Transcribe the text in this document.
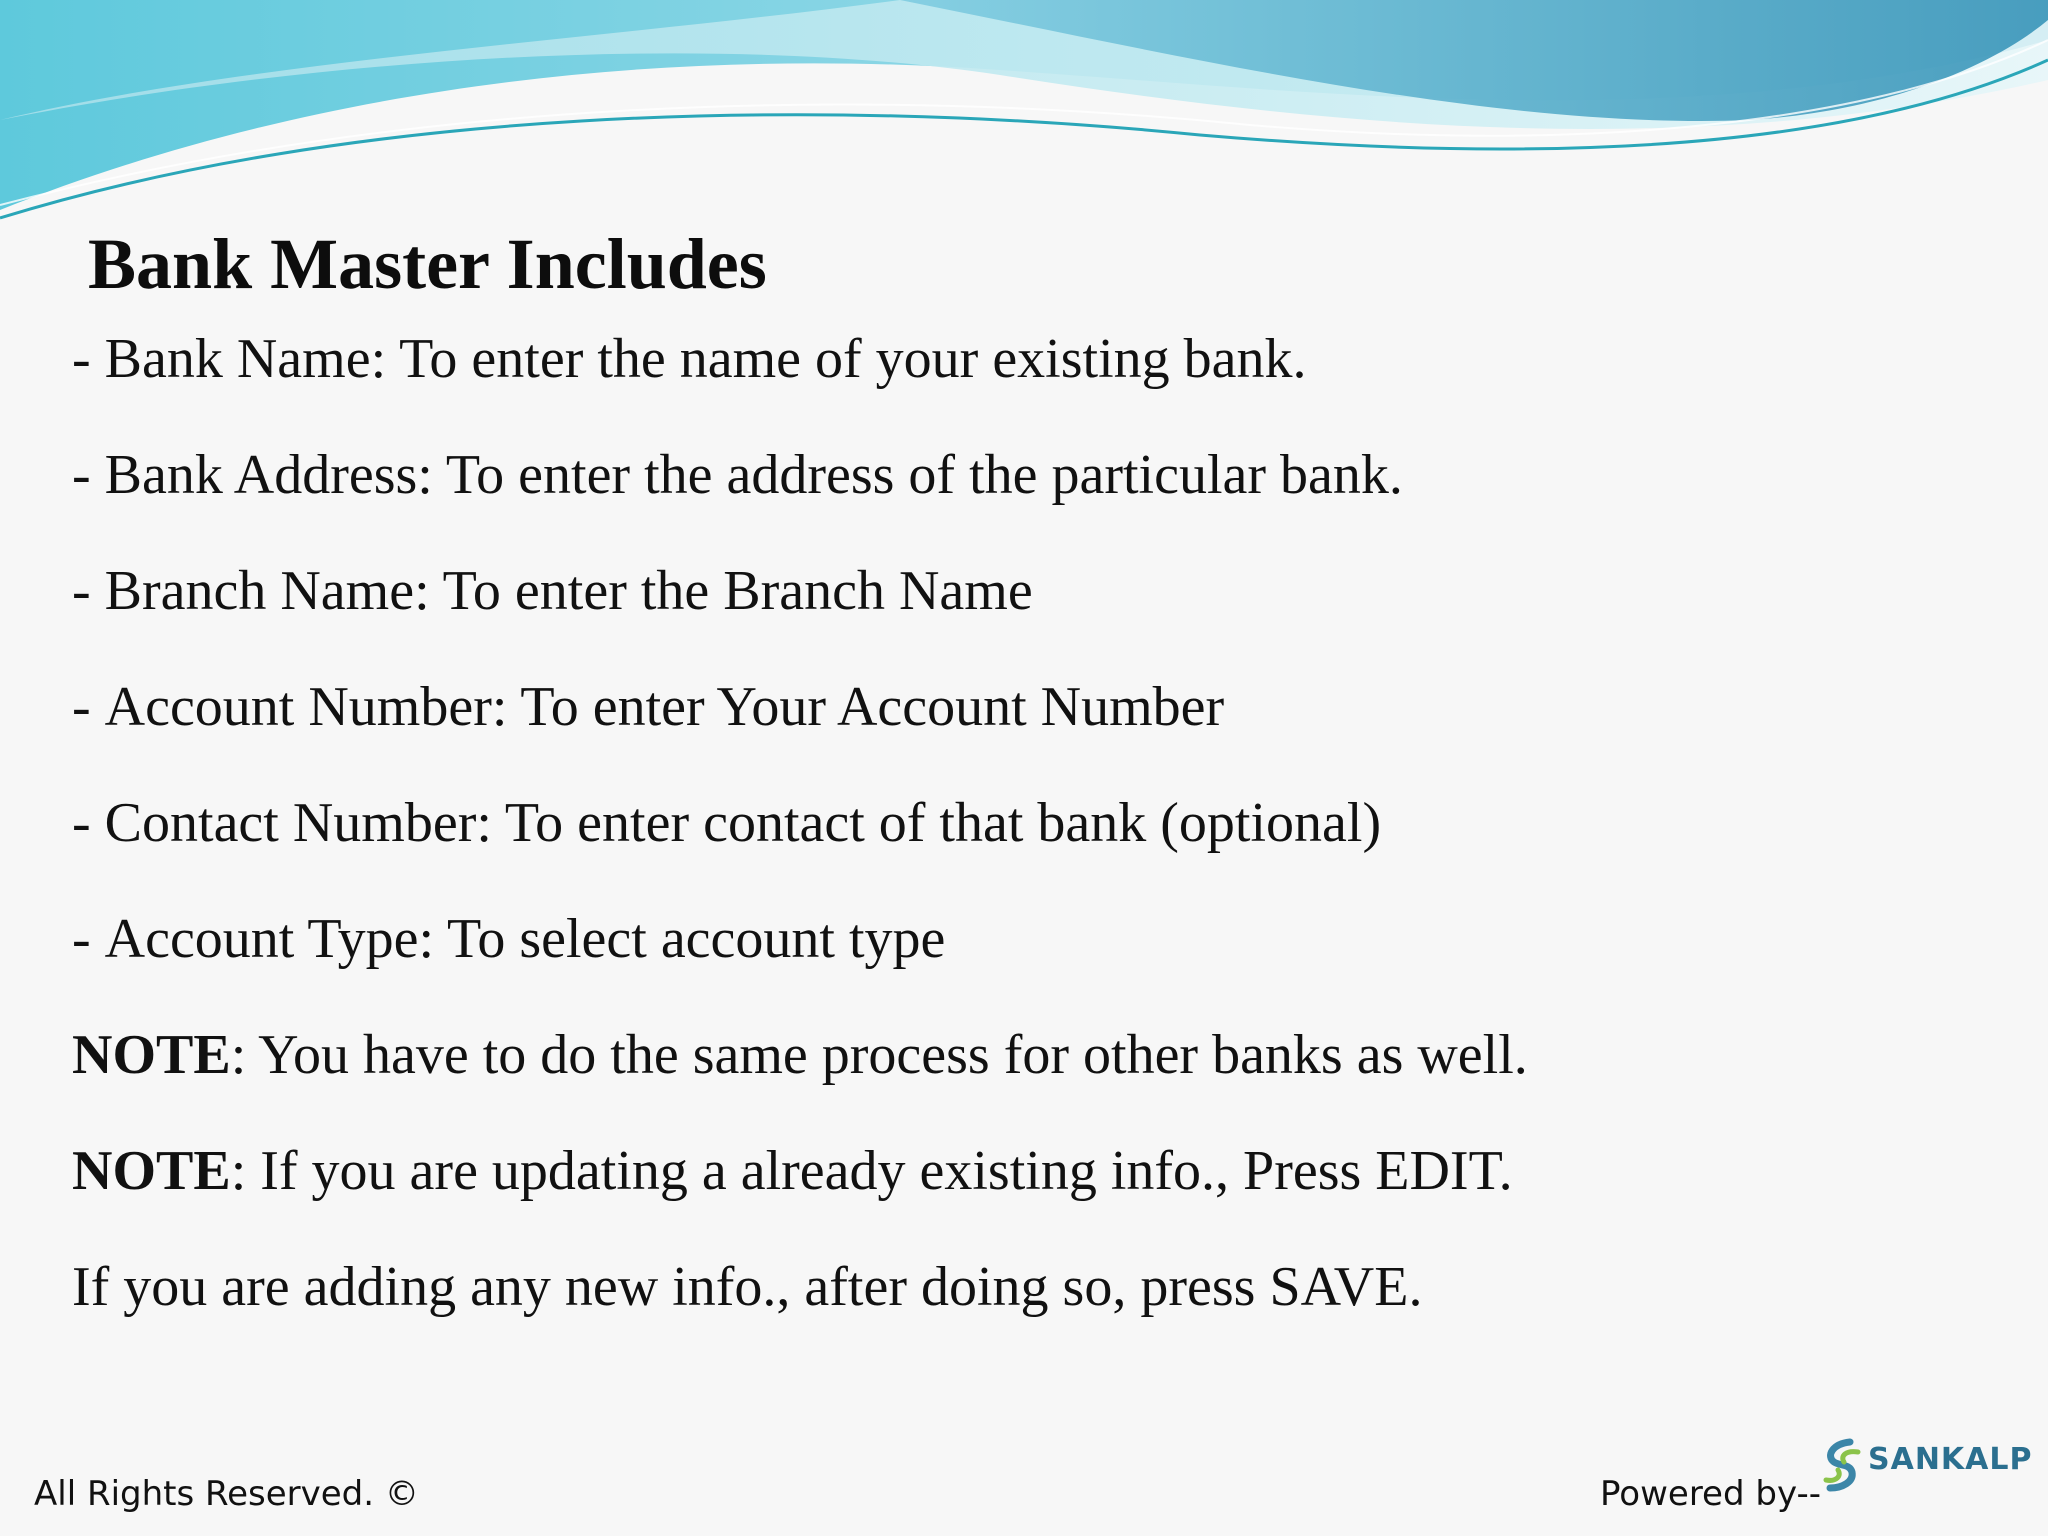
Bank Master Includes

- Bank Name: To enter the name of your existing bank.

- Bank Address: To enter the address of the particular bank.

- Branch Name: To enter the Branch Name

- Account Number: To enter Your Account Number

- Contact Number: To enter contact of that bank (optional)

- Account Type: To select account type

NOTE: You have to do the same process for other banks as well.

NOTE: If you are updating a already existing info., Press EDIT.

If you are adding any new info., after doing so, press SAVE.

All Rights Reserved. ©	Powered by--
SANKALP
